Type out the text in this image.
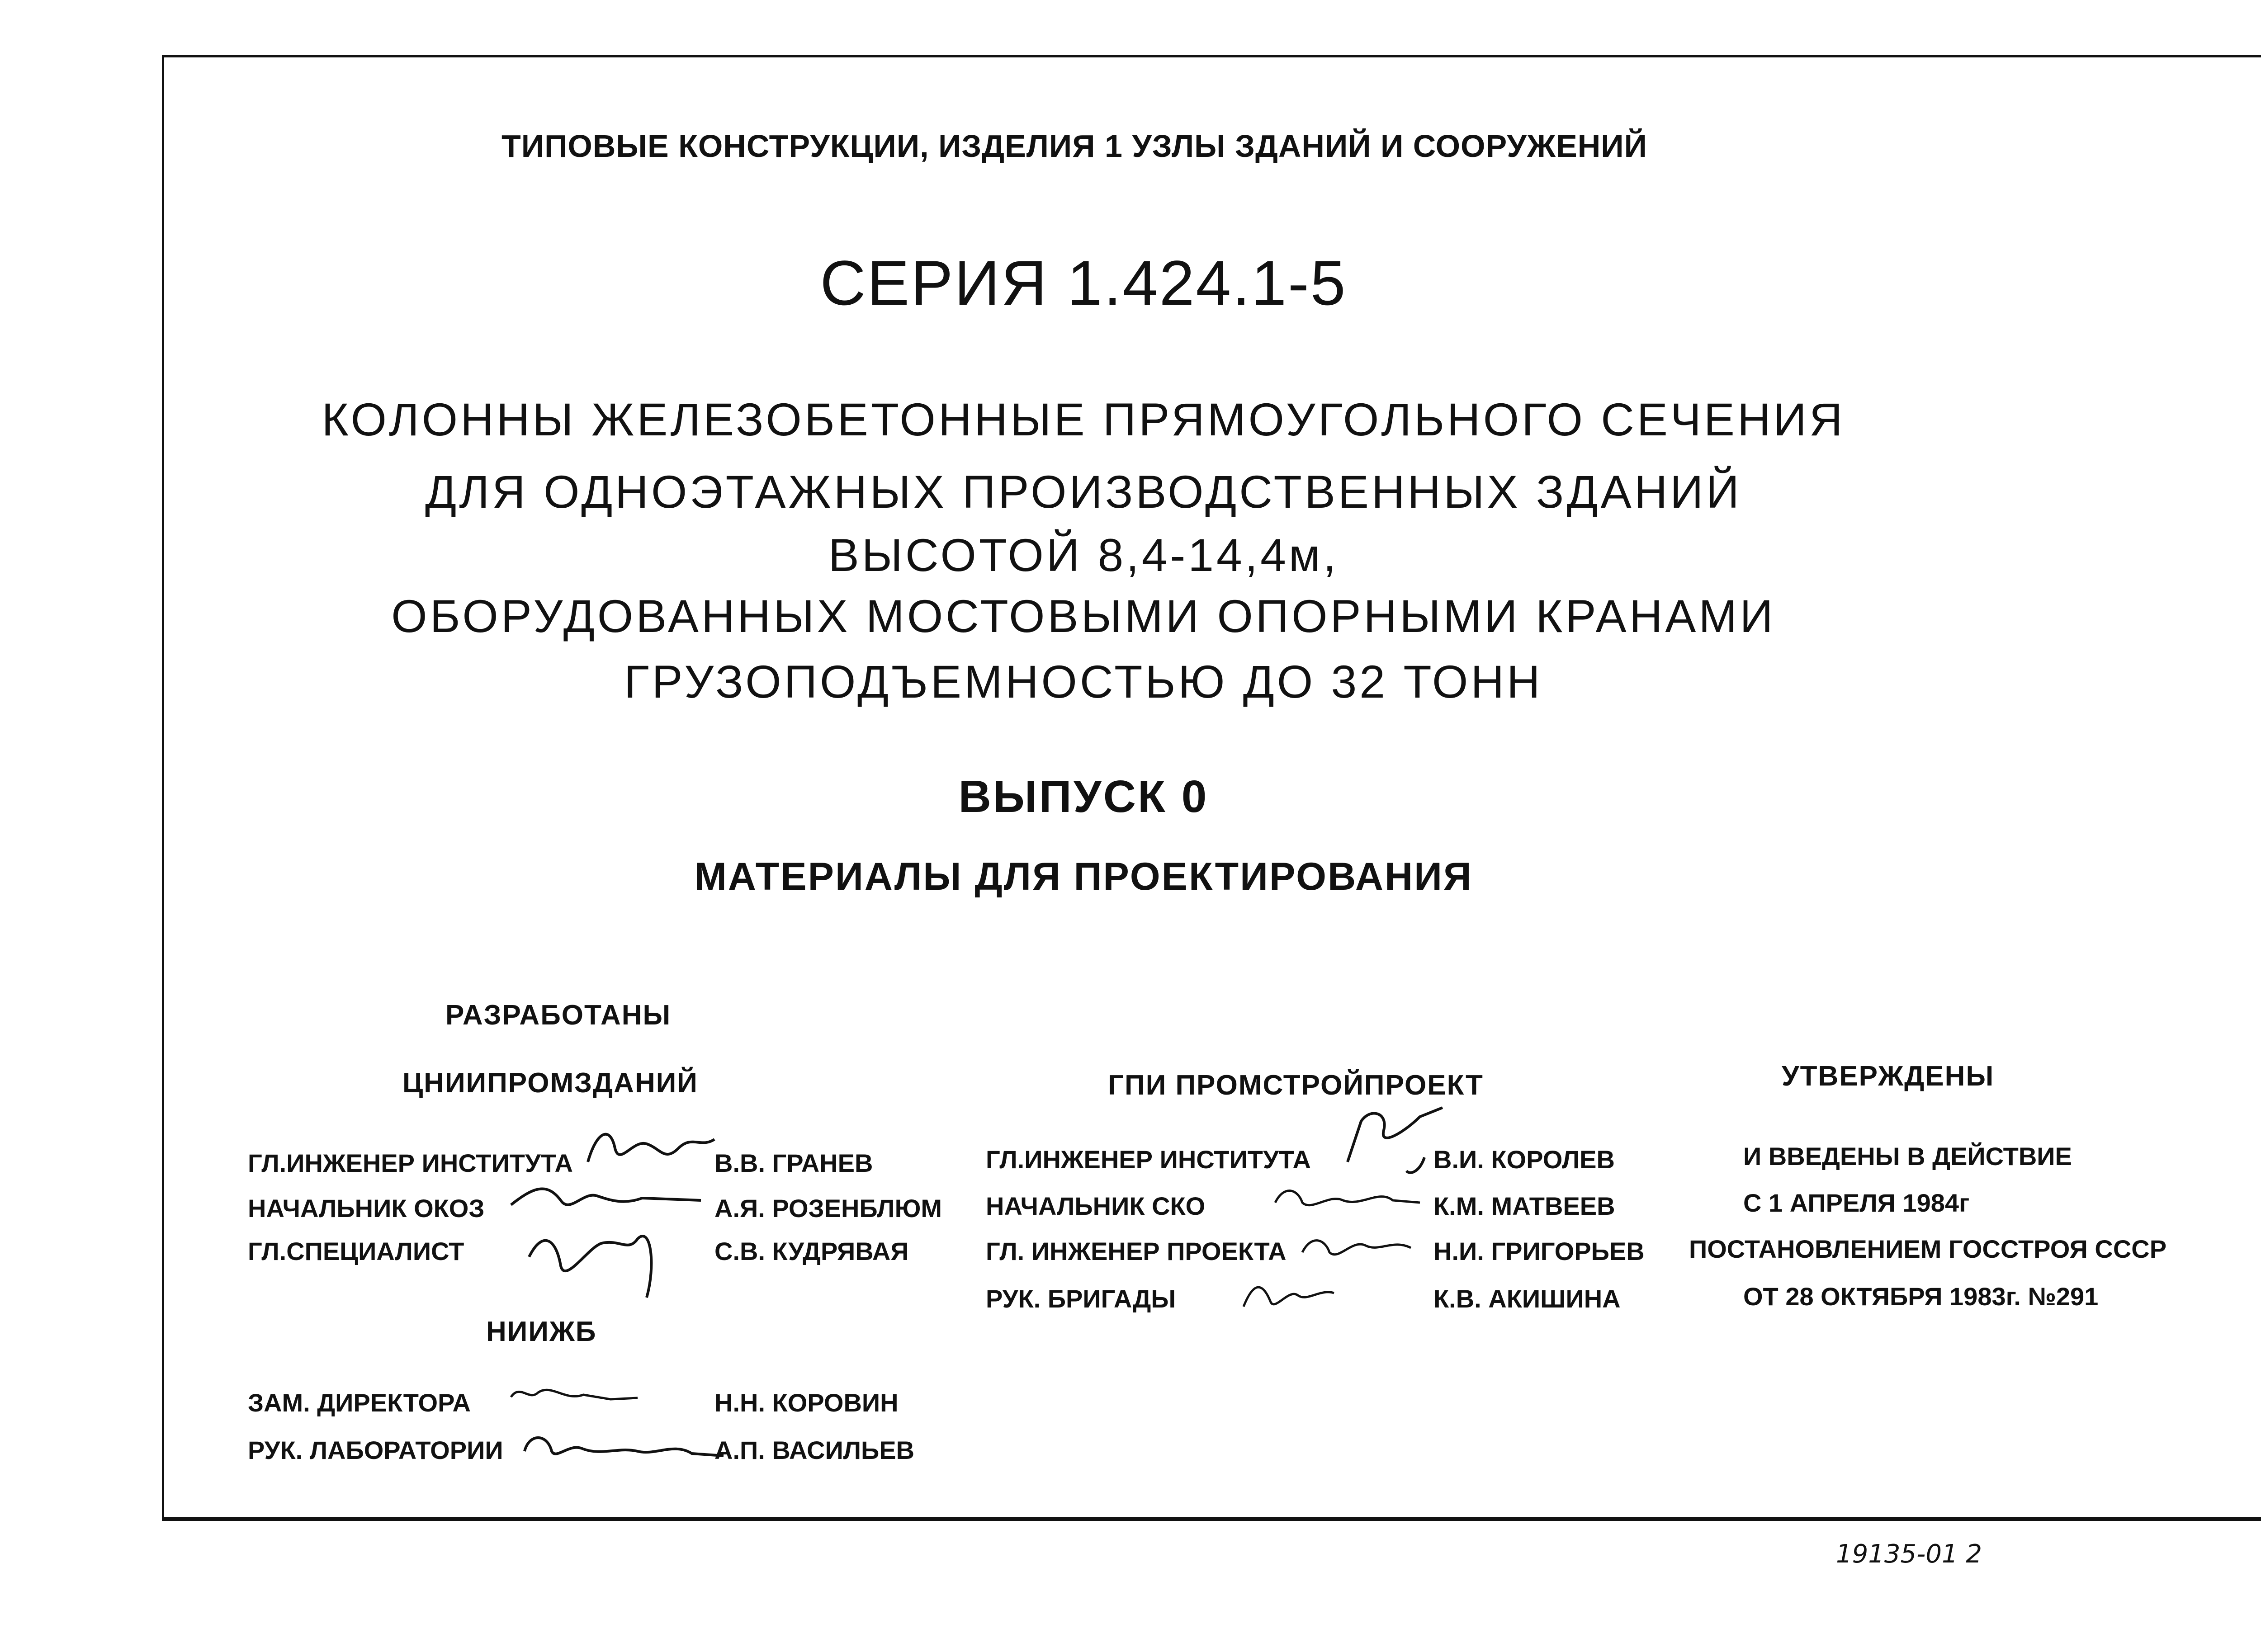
ТИПОВЫЕ КОНСТРУКЦИИ, ИЗДЕЛИЯ 1 УЗЛЫ ЗДАНИЙ И СООРУЖЕНИЙ
СЕРИЯ 1.424.1-5
КОЛОННЫ ЖЕЛЕЗОБЕТОННЫЕ ПРЯМОУГОЛЬНОГО СЕЧЕНИЯ
ДЛЯ ОДНОЭТАЖНЫХ ПРОИЗВОДСТВЕННЫХ ЗДАНИЙ
ВЫСОТОЙ 8,4-14,4м,
ОБОРУДОВАННЫХ МОСТОВЫМИ ОПОРНЫМИ КРАНАМИ
ГРУЗОПОДЪЕМНОСТЬЮ ДО 32 ТОНН
ВЫПУСК 0
МАТЕРИАЛЫ ДЛЯ ПРОЕКТИРОВАНИЯ
РАЗРАБОТАНЫ
ЦНИИПРОМЗДАНИЙ
ГЛ.ИНЖЕНЕР ИНСТИТУТА	В.В. ГРАНЕВ
НАЧАЛЬНИК ОКОЗ	А.Я. РОЗЕНБЛЮМ
ГЛ.СПЕЦИАЛИСТ	С.В. КУДРЯВАЯ
НИИЖБ
ЗАМ. ДИРЕКТОРА	Н.Н. КОРОВИН
РУК. ЛАБОРАТОРИИ	А.П. ВАСИЛЬЕВ
ГПИ ПРОМСТРОЙПРОЕКТ
ГЛ.ИНЖЕНЕР ИНСТИТУТА	В.И. КОРОЛЕВ
НАЧАЛЬНИК СКО	К.М. МАТВЕЕВ
ГЛ. ИНЖЕНЕР ПРОЕКТА	Н.И. ГРИГОРЬЕВ
РУК. БРИГАДЫ	К.В. АКИШИНА
УТВЕРЖДЕНЫ
И ВВЕДЕНЫ В ДЕЙСТВИЕ
С 1 АПРЕЛЯ 1984г
ПОСТАНОВЛЕНИЕМ ГОССТРОЯ СССР
ОТ 28 ОКТЯБРЯ 1983г. №291
19135-01 2
